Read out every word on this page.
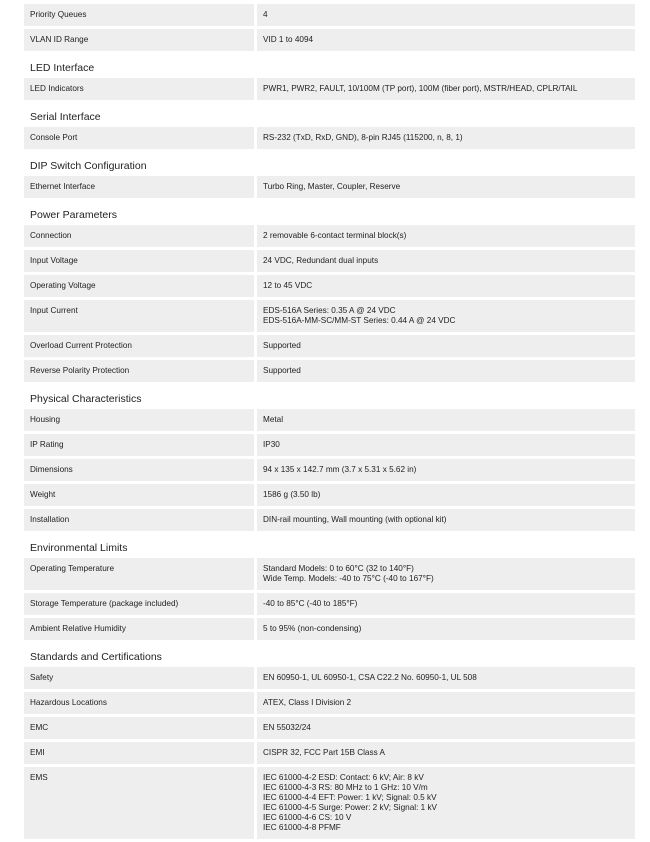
Priority Queues	4
VLAN ID Range	VID 1 to 4094
LED Interface
LED Indicators	PWR1, PWR2, FAULT, 10/100M (TP port), 100M (fiber port), MSTR/HEAD, CPLR/TAIL
Serial Interface
Console Port	RS-232 (TxD, RxD, GND), 8-pin RJ45 (115200, n, 8, 1)
DIP Switch Configuration
Ethernet Interface	Turbo Ring, Master, Coupler, Reserve
Power Parameters
Connection	2 removable 6-contact terminal block(s)
Input Voltage	24 VDC, Redundant dual inputs
Operating Voltage	12 to 45 VDC
Input Current	EDS-516A Series: 0.35 A @ 24 VDC
EDS-516A-MM-SC/MM-ST Series: 0.44 A @ 24 VDC
Overload Current Protection	Supported
Reverse Polarity Protection	Supported
Physical Characteristics
Housing	Metal
IP Rating	IP30
Dimensions	94 x 135 x 142.7 mm (3.7 x 5.31 x 5.62 in)
Weight	1586 g (3.50 lb)
Installation	DIN-rail mounting, Wall mounting (with optional kit)
Environmental Limits
Operating Temperature	Standard Models: 0 to 60°C (32 to 140°F)
Wide Temp. Models: -40 to 75°C (-40 to 167°F)
Storage Temperature (package included)	-40 to 85°C (-40 to 185°F)
Ambient Relative Humidity	5 to 95% (non-condensing)
Standards and Certifications
Safety	EN 60950-1, UL 60950-1, CSA C22.2 No. 60950-1, UL 508
Hazardous Locations	ATEX, Class I Division 2
EMC	EN 55032/24
EMI	CISPR 32, FCC Part 15B Class A
EMS	IEC 61000-4-2 ESD: Contact: 6 kV; Air: 8 kV
IEC 61000-4-3 RS: 80 MHz to 1 GHz: 10 V/m
IEC 61000-4-4 EFT: Power: 1 kV; Signal: 0.5 kV
IEC 61000-4-5 Surge: Power: 2 kV; Signal: 1 kV
IEC 61000-4-6 CS: 10 V
IEC 61000-4-8 PFMF
